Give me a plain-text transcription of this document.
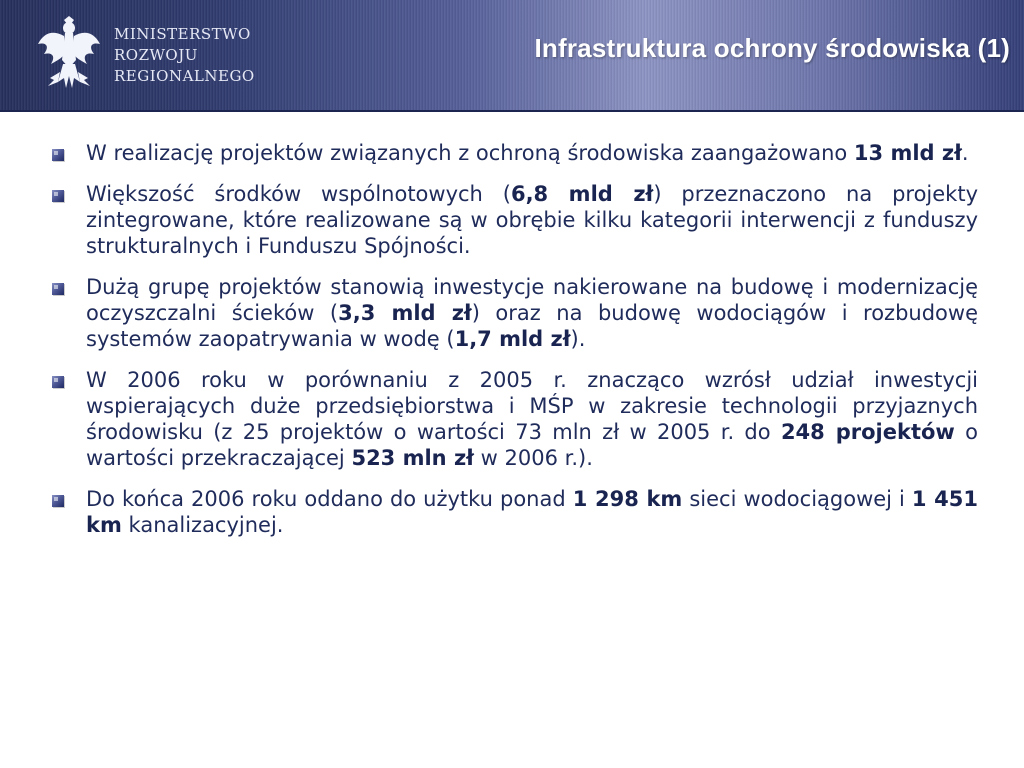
MINISTERSTWO
ROZWOJU
REGIONALNEGO
Infrastruktura ochrony środowiska (1)
W realizację projektów związanych z ochroną środowiska zaangażowano 13 mld zł.
Większość środków wspólnotowych (6,8 mld zł) przeznaczono na projekty zintegrowane, które realizowane są w obrębie kilku kategorii interwencji z funduszy strukturalnych i Funduszu Spójności.
Dużą grupę projektów stanowią inwestycje nakierowane na budowę i modernizację oczyszczalni ścieków (3,3 mld zł) oraz na budowę wodociągów i rozbudowę systemów zaopatrywania w wodę (1,7 mld zł).
W 2006 roku w porównaniu z 2005 r. znacząco wzrósł udział inwestycji wspierających duże przedsiębiorstwa i MŚP w zakresie technologii przyjaznych środowisku (z 25 projektów o wartości 73 mln zł w 2005 r. do 248 projektów o wartości przekraczającej 523 mln zł w 2006 r.).
Do końca 2006 roku oddano do użytku ponad 1 298 km sieci wodociągowej i 1 451 km kanalizacyjnej.
